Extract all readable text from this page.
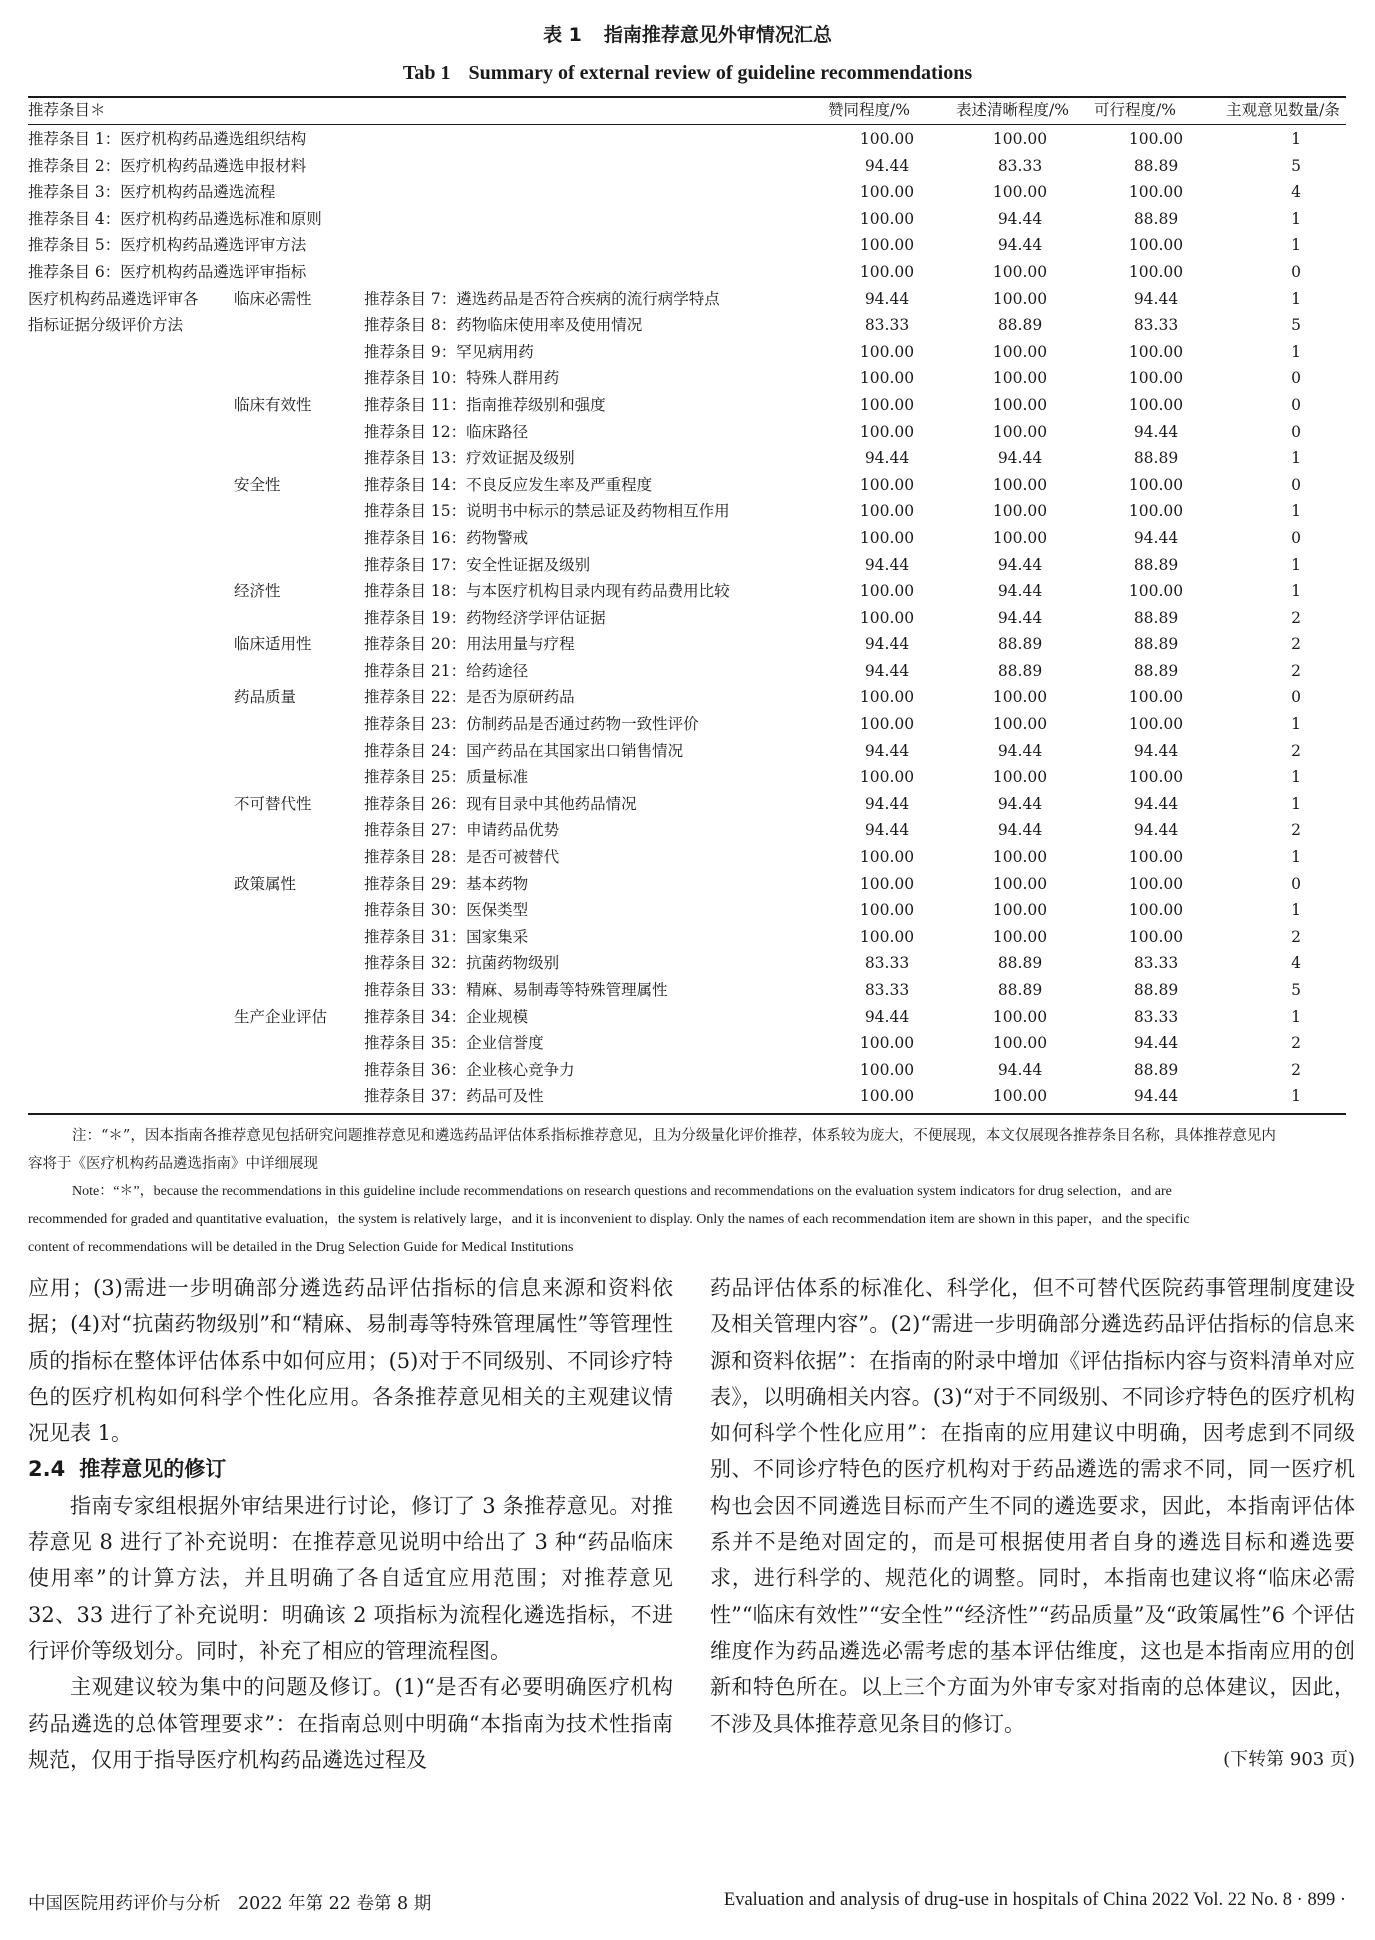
表 1 指南推荐意见外审情况汇总
Tab 1 Summary of external review of guideline recommendations
推荐条目＊	赞同程度/%	表述清晰程度/%	可行程度/%	主观意见数量/条
推荐条目 1：医疗机构药品遴选组织结构	100.00	100.00	100.00	1
推荐条目 2：医疗机构药品遴选申报材料	94.44	83.33	88.89	5
推荐条目 3：医疗机构药品遴选流程	100.00	100.00	100.00	4
推荐条目 4：医疗机构药品遴选标准和原则	100.00	94.44	88.89	1
推荐条目 5：医疗机构药品遴选评审方法	100.00	94.44	100.00	1
推荐条目 6：医疗机构药品遴选评审指标	100.00	100.00	100.00	0
医疗机构药品遴选评审各 临床必需性	推荐条目 7：遴选药品是否符合疾病的流行病学特点	94.44	100.00	94.44	1
指标证据分级评价方法	推荐条目 8：药物临床使用率及使用情况	83.33	88.89	83.33	5
推荐条目 9：罕见病用药	100.00	100.00	100.00	1
推荐条目 10：特殊人群用药	100.00	100.00	100.00	0
临床有效性	推荐条目 11：指南推荐级别和强度	100.00	100.00	100.00	0
推荐条目 12：临床路径	100.00	100.00	94.44	0
推荐条目 13：疗效证据及级别	94.44	94.44	88.89	1
安全性	推荐条目 14：不良反应发生率及严重程度	100.00	100.00	100.00	0
推荐条目 15：说明书中标示的禁忌证及药物相互作用	100.00	100.00	100.00	1
推荐条目 16：药物警戒	100.00	100.00	94.44	0
推荐条目 17：安全性证据及级别	94.44	94.44	88.89	1
经济性	推荐条目 18：与本医疗机构目录内现有药品费用比较	100.00	94.44	100.00	1
推荐条目 19：药物经济学评估证据	100.00	94.44	88.89	2
临床适用性	推荐条目 20：用法用量与疗程	94.44	88.89	88.89	2
推荐条目 21：给药途径	94.44	88.89	88.89	2
药品质量	推荐条目 22：是否为原研药品	100.00	100.00	100.00	0
推荐条目 23：仿制药品是否通过药物一致性评价	100.00	100.00	100.00	1
推荐条目 24：国产药品在其国家出口销售情况	94.44	94.44	94.44	2
推荐条目 25：质量标准	100.00	100.00	100.00	1
不可替代性	推荐条目 26：现有目录中其他药品情况	94.44	94.44	94.44	1
推荐条目 27：申请药品优势	94.44	94.44	94.44	2
推荐条目 28：是否可被替代	100.00	100.00	100.00	1
政策属性	推荐条目 29：基本药物	100.00	100.00	100.00	0
推荐条目 30：医保类型	100.00	100.00	100.00	1
推荐条目 31：国家集采	100.00	100.00	100.00	2
推荐条目 32：抗菌药物级别	83.33	88.89	83.33	4
推荐条目 33：精麻、易制毒等特殊管理属性	83.33	88.89	88.89	5
生产企业评估 推荐条目 34：企业规模	94.44	100.00	83.33	1
推荐条目 35：企业信誉度	100.00	100.00	94.44	2
推荐条目 36：企业核心竞争力	100.00	94.44	88.89	2
推荐条目 37：药品可及性	100.00	100.00	94.44	1

注：“＊”，因本指南各推荐意见包括研究问题推荐意见和遴选药品评估体系指标推荐意见，且为分级量化评价推荐，体系较为庞大，不便展现，本文仅展现各推荐条目名称，具体推荐意见内

容将于《医疗机构药品遴选指南》中详细展现

Note：“＊”，because the recommendations in this guideline include recommendations on research questions and recommendations on the evaluation system indicators for drug selection，and are

recommended for graded and quantitative evaluation，the system is relatively large，and it is inconvenient to display. Only the names of each recommendation item are shown in this paper，and the specific

content of recommendations will be detailed in the Drug Selection Guide for Medical Institutions

应用；(3)需进一步明确部分遴选药品评估指标的信息来源和资料依据；(4)对“抗菌药物级别”和“精麻、易制毒等特殊管理属性”等管理性质的指标在整体评估体系中如何应用；(5)对于不同级别、不同诊疗特色的医疗机构如何科学个性化应用。各条推荐意见相关的主观建议情况见表 1。

2.4 推荐意见的修订

指南专家组根据外审结果进行讨论，修订了 3 条推荐意见。对推荐意见 8 进行了补充说明：在推荐意见说明中给出了 3 种“药品临床使用率”的计算方法，并且明确了各自适宜应用范围；对推荐意见 32、33 进行了补充说明：明确该 2 项指标为流程化遴选指标，不进行评价等级划分。同时，补充了相应的管理流程图。

主观建议较为集中的问题及修订。(1)“是否有必要明确医疗机构药品遴选的总体管理要求”：在指南总则中明确“本指南为技术性指南规范，仅用于指导医疗机构药品遴选过程及

药品评估体系的标准化、科学化，但不可替代医院药事管理制度建设及相关管理内容”。(2)“需进一步明确部分遴选药品评估指标的信息来源和资料依据”：在指南的附录中增加《评估指标内容与资料清单对应表》，以明确相关内容。(3)“对于不同级别、不同诊疗特色的医疗机构如何科学个性化应用”：在指南的应用建议中明确，因考虑到不同级别、不同诊疗特色的医疗机构对于药品遴选的需求不同，同一医疗机构也会因不同遴选目标而产生不同的遴选要求，因此，本指南评估体系并不是绝对固定的，而是可根据使用者自身的遴选目标和遴选要求，进行科学的、规范化的调整。同时，本指南也建议将“临床必需性”“临床有效性”“安全性”“经济性”“药品质量”及“政策属性”6 个评估维度作为药品遴选必需考虑的基本评估维度，这也是本指南应用的创新和特色所在。以上三个方面为外审专家对指南的总体建议，因此，不涉及具体推荐意见条目的修订。

(下转第 903 页)

中国医院用药评价与分析　2022 年第 22 卷第 8 期	Evaluation and analysis of drug-use in hospitals of China 2022 Vol. 22 No. 8 · 899 ·
